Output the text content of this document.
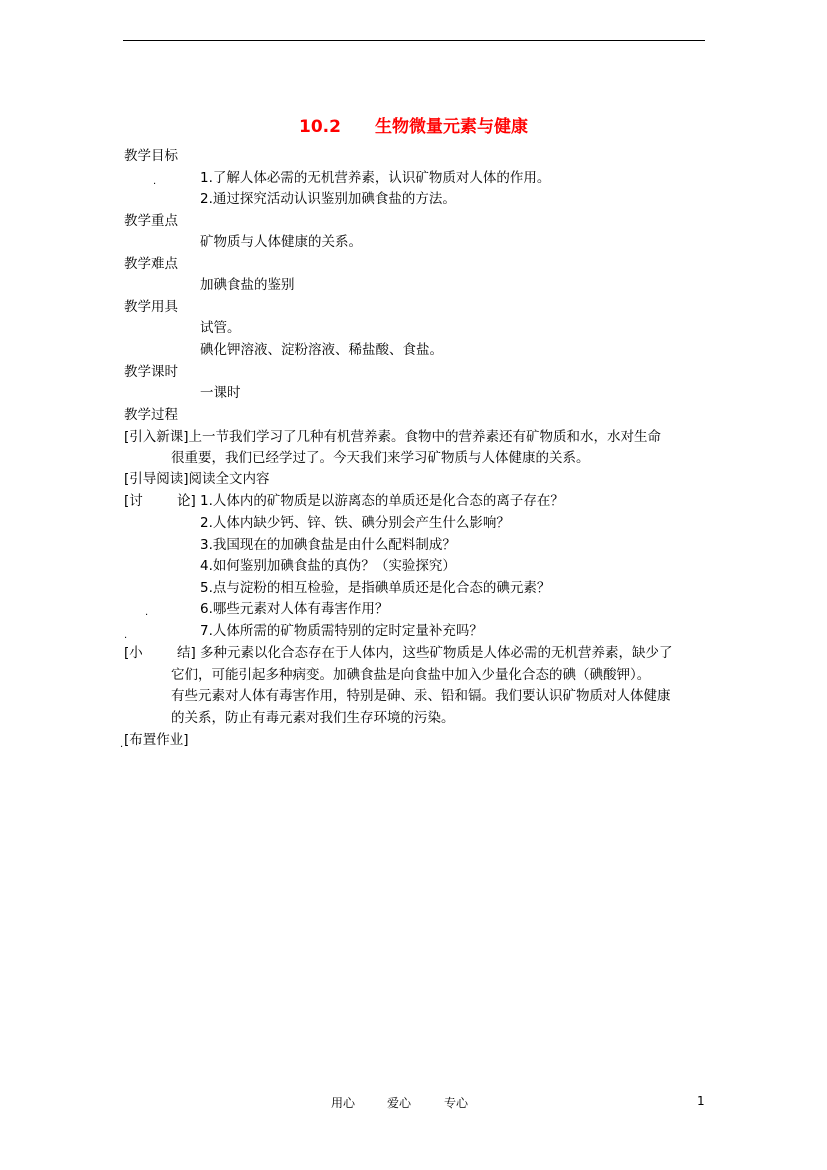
10.2 生物微量元素与健康
教学目标
1.了解人体必需的无机营养素，认识矿物质对人体的作用。
2.通过探究活动认识鉴别加碘食盐的方法。
教学重点
矿物质与人体健康的关系。
教学难点
加碘食盐的鉴别
教学用具
试管。
碘化钾溶液、淀粉溶液、稀盐酸、食盐。
教学课时
一课时
教学过程
[引入新课]上一节我们学习了几种有机营养素。食物中的营养素还有矿物质和水，水对生命
很重要，我们已经学过了。今天我们来学习矿物质与人体健康的关系。
[引导阅读]阅读全文内容
[讨	论] 1.人体内的矿物质是以游离态的单质还是化合态的离子存在？
2.人体内缺少钙、锌、铁、碘分别会产生什么影响？
3.我国现在的加碘食盐是由什么配料制成？
4.如何鉴别加碘食盐的真伪？（实验探究）
5.点与淀粉的相互检验，是指碘单质还是化合态的碘元素？
6.哪些元素对人体有毒害作用？
7.人体所需的矿物质需特别的定时定量补充吗？
[小	结] 多种元素以化合态存在于人体内，这些矿物质是人体必需的无机营养素，缺少了
它们，可能引起多种病变。加碘食盐是向食盐中加入少量化合态的碘（碘酸钾）。
有些元素对人体有毒害作用，特别是砷、汞、铅和镉。我们要认识矿物质对人体健康
的关系，防止有毒元素对我们生存环境的污染。
[布置作业]
.
.
.
.
用心	爱心	专心	1
